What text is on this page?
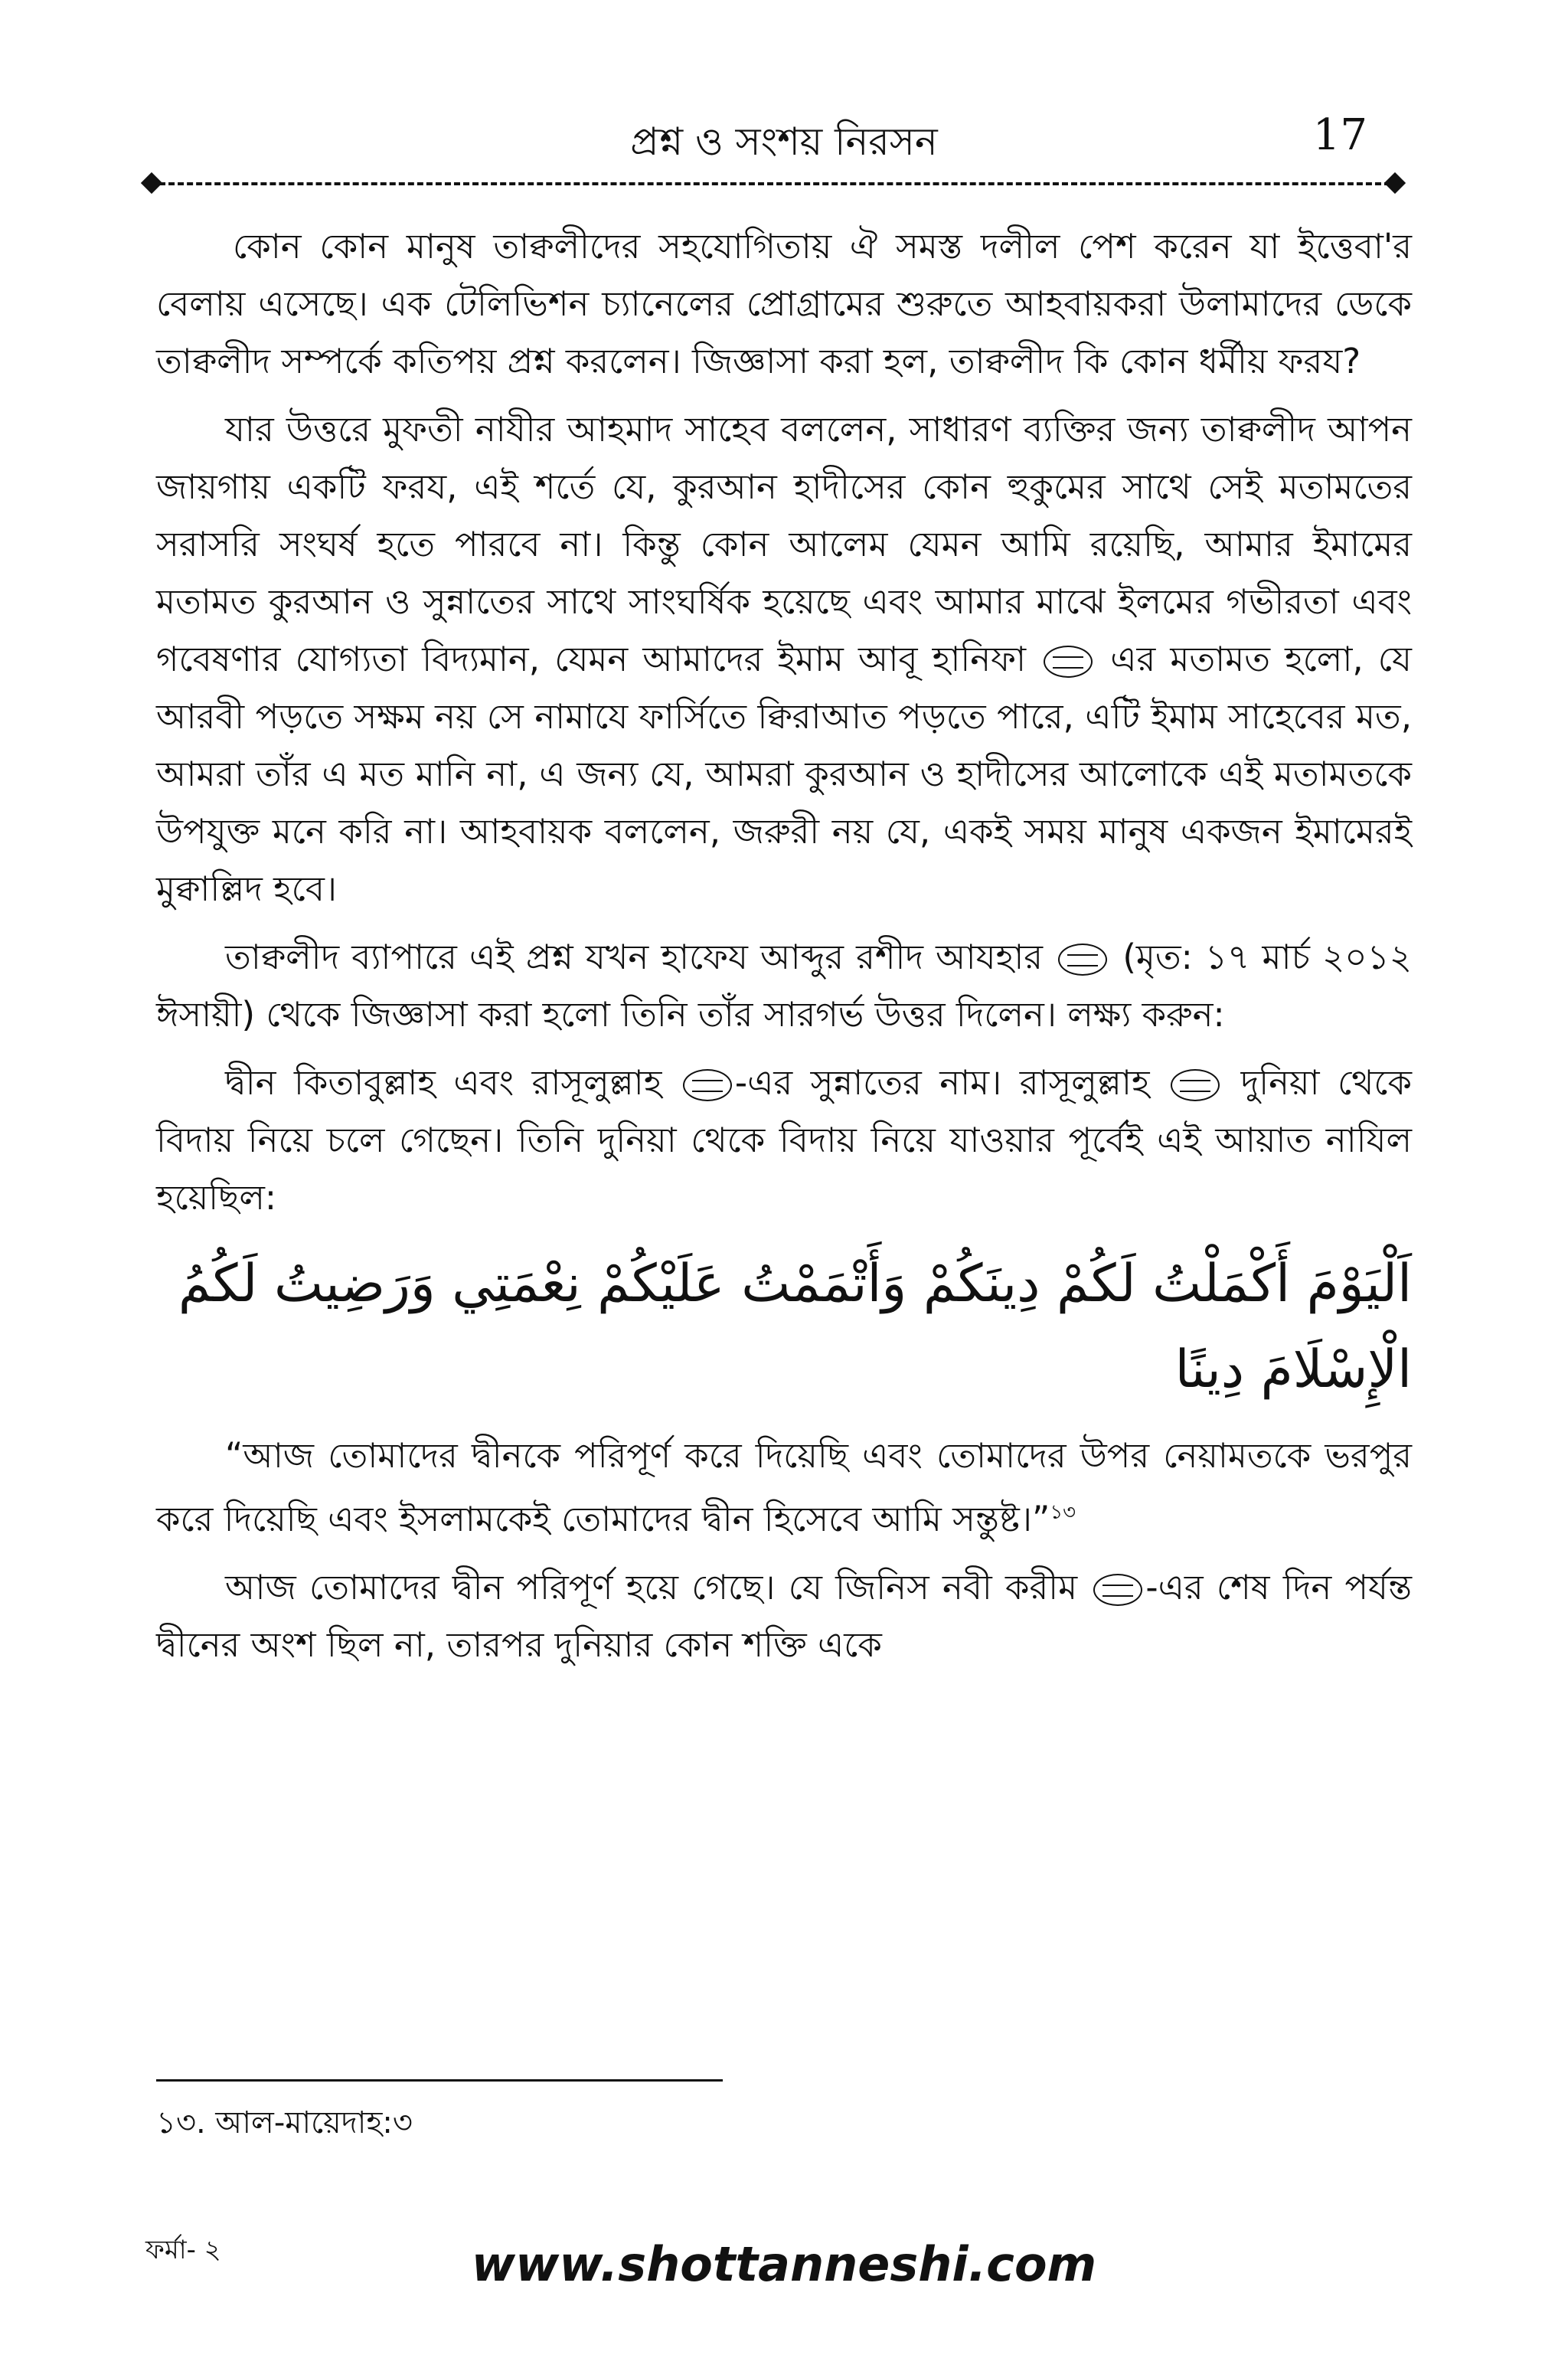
প্রশ্ন ও সংশয় নিরসন	17

কোন কোন মানুষ তাক্বলীদের সহযোগিতায় ঐ সমস্ত দলীল পেশ করেন যা ইত্তেবা'র বেলায় এসেছে। এক টেলিভিশন চ্যানেলের প্রোগ্রামের শুরুতে আহবায়করা উলামাদের ডেকে তাক্বলীদ সম্পর্কে কতিপয় প্রশ্ন করলেন। জিজ্ঞাসা করা হল, তাক্বলীদ কি কোন ধর্মীয় ফরয?

যার উত্তরে মুফতী নাযীর আহমাদ সাহেব বললেন, সাধারণ ব্যক্তির জন্য তাক্বলীদ আপন জায়গায় একটি ফরয, এই শর্তে যে, কুরআন হাদীসের কোন হুকুমের সাথে সেই মতামতের সরাসরি সংঘর্ষ হতে পারবে না। কিন্তু কোন আলেম যেমন আমি রয়েছি, আমার ইমামের মতামত কুরআন ও সুন্নাতের সাথে সাংঘর্ষিক হয়েছে এবং আমার মাঝে ইলমের গভীরতা এবং গবেষণার যোগ্যতা বিদ্যমান, যেমন আমাদের ইমাম আবূ হানিফা এর মতামত হলো, যে আরবী পড়তে সক্ষম নয় সে নামাযে ফার্সিতে ক্বিরাআত পড়তে পারে, এটি ইমাম সাহেবের মত, আমরা তাঁর এ মত মানি না, এ জন্য যে, আমরা কুরআন ও হাদীসের আলোকে এই মতামতকে উপযুক্ত মনে করি না। আহবায়ক বললেন, জরুরী নয় যে, একই সময় মানুষ একজন ইমামেরই মুক্বাল্লিদ হবে।

তাক্বলীদ ব্যাপারে এই প্রশ্ন যখন হাফেয আব্দুর রশীদ আযহার (মৃত: ১৭ মার্চ ২০১২ ঈসায়ী) থেকে জিজ্ঞাসা করা হলো তিনি তাঁর সারগর্ভ উত্তর দিলেন। লক্ষ্য করুন:

দ্বীন কিতাবুল্লাহ এবং রাসূলুল্লাহ -এর সুন্নাতের নাম। রাসূলুল্লাহ	দুনিয়া থেকে বিদায় নিয়ে চলে গেছেন। তিনি দুনিয়া থেকে বিদায় নিয়ে যাওয়ার পূর্বেই এই আয়াত নাযিল হয়েছিল:

اَلْيَوْمَ أَكْمَلْتُ لَكُمْ دِينَكُمْ وَأَتْمَمْتُ عَلَيْكُمْ نِعْمَتِي وَرَضِيتُ لَكُمُ
الْإِسْلَامَ دِينًا

“আজ তোমাদের দ্বীনকে পরিপূর্ণ করে দিয়েছি এবং তোমাদের উপর নেয়ামতকে ভরপুর করে দিয়েছি এবং ইসলামকেই তোমাদের দ্বীন হিসেবে আমি সন্তুষ্ট।”$^{১৩}$

আজ তোমাদের দ্বীন পরিপূর্ণ হয়ে গেছে। যে জিনিস নবী করীম -এর শেষ দিন পর্যন্ত দ্বীনের অংশ ছিল না, তারপর দুনিয়ার কোন শক্তি একে

১৩. আল-মায়েদাহ:৩
ফর্মা- ২	www.shottanneshi.com
